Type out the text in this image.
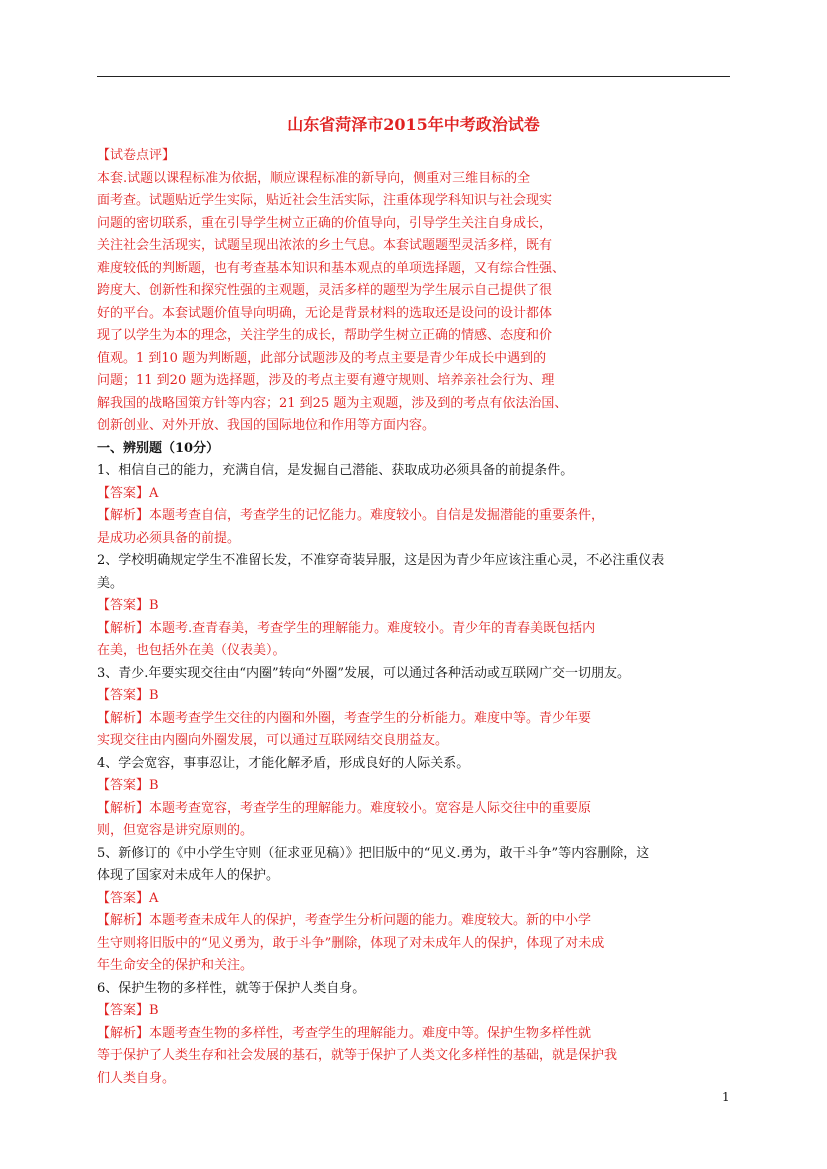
山东省菏泽市2015年中考政治试卷
【试卷点评】
本套.试题以课程标准为依据，顺应课程标准的新导向，侧重对三维目标的全
面考查。试题贴近学生实际，贴近社会生活实际，注重体现学科知识与社会现实
问题的密切联系，重在引导学生树立正确的价值导向，引导学生关注自身成长，
关注社会生活现实，试题呈现出浓浓的乡土气息。本套试题题型灵活多样，既有
难度较低的判断题，也有考查基本知识和基本观点的单项选择题，又有综合性强、
跨度大、创新性和探究性强的主观题，灵活多样的题型为学生展示自己提供了很
好的平台。本套试题价值导向明确，无论是背景材料的选取还是设问的设计都体
现了以学生为本的理念，关注学生的成长，帮助学生树立正确的情感、态度和价
值观。1 到10 题为判断题，此部分试题涉及的考点主要是青少年成长中遇到的
问题；11 到20 题为选择题，涉及的考点主要有遵守规则、培养亲社会行为、理
解我国的战略国策方针等内容；21 到25 题为主观题，涉及到的考点有依法治国、
创新创业、对外开放、我国的国际地位和作用等方面内容。
一、辨别题（10分）
1、相信自己的能力，充满自信，是发掘自己潜能、获取成功必须具备的前提条件。
【答案】A
【解析】本题考查自信，考查学生的记忆能力。难度较小。自信是发掘潜能的重要条件，
是成功必须具备的前提。
2、学校明确规定学生不准留长发，不准穿奇装异服，这是因为青少年应该注重心灵，不必注重仪表
美。
【答案】B
【解析】本题考.查青春美，考查学生的理解能力。难度较小。青少年的青春美既包括内
在美，也包括外在美（仪表美）。
3、青少.年要实现交往由“内圈”转向“外圈”发展，可以通过各种活动或互联网广交一切朋友。
【答案】B
【解析】本题考查学生交往的内圈和外圈，考查学生的分析能力。难度中等。青少年要
实现交往由内圈向外圈发展，可以通过互联网结交良朋益友。
4、学会宽容，事事忍让，才能化解矛盾，形成良好的人际关系。
【答案】B
【解析】本题考查宽容，考查学生的理解能力。难度较小。宽容是人际交往中的重要原
则，但宽容是讲究原则的。
5、新修订的《中小学生守则（征求亚见稿）》把旧版中的“见义.勇为，敢干斗争”等内容删除，这
体现了国家对未成年人的保护。
【答案】A
【解析】本题考查未成年人的保护，考查学生分析问题的能力。难度较大。新的中小学
生守则将旧版中的“见义勇为，敢于斗争”删除，体现了对未成年人的保护，体现了对未成
年生命安全的保护和关注。
6、保护生物的多样性，就等于保护人类自身。
【答案】B
【解析】本题考查生物的多样性，考查学生的理解能力。难度中等。保护生物多样性就
等于保护了人类生存和社会发展的基石，就等于保护了人类文化多样性的基础，就是保护我
们人类自身。
1
